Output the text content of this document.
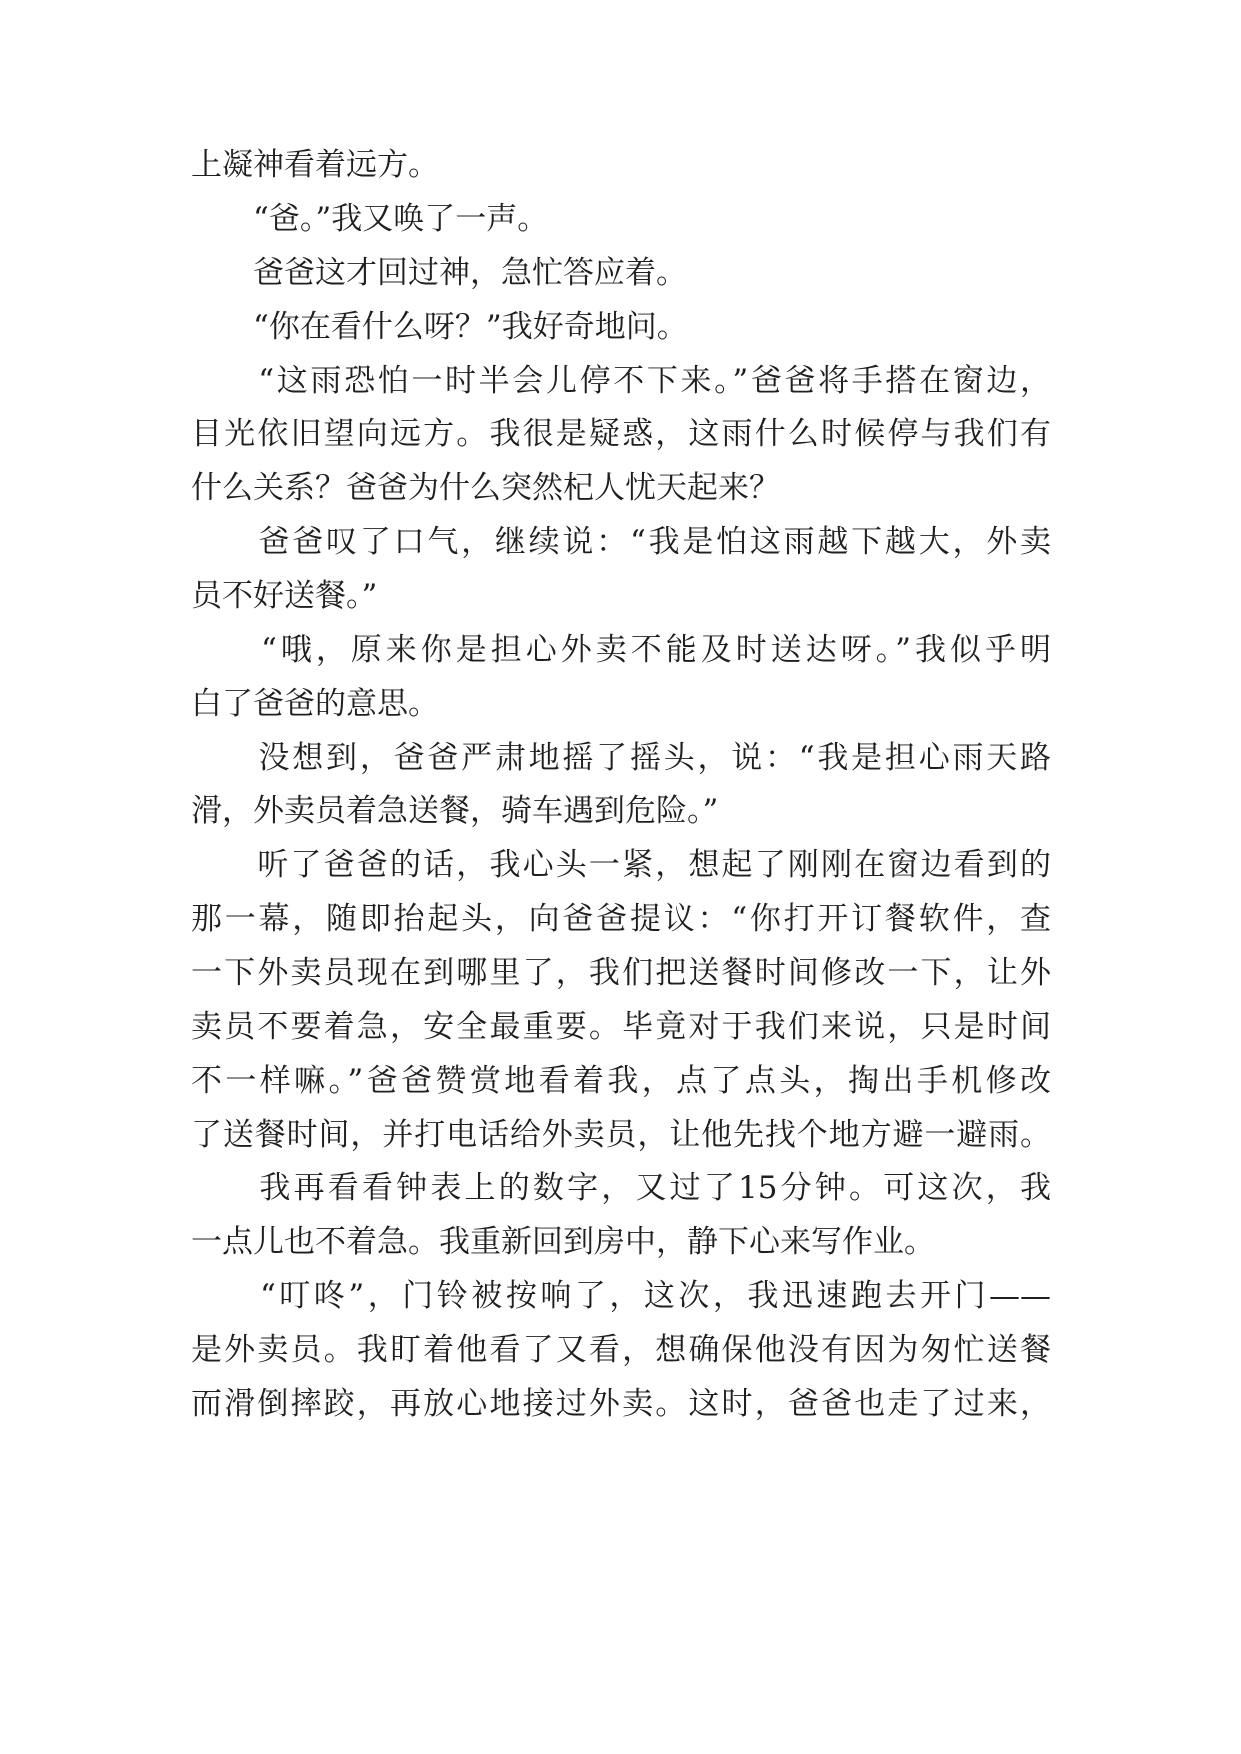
上凝神看着远方。
　　“爸。”我又唤了一声。
　　爸爸这才回过神，急忙答应着。
　　“你在看什么呀？”我好奇地问。
　　“这雨恐怕一时半会儿停不下来。”爸爸将手搭在窗边，
目光依旧望向远方。我很是疑惑，这雨什么时候停与我们有
什么关系？爸爸为什么突然杞人忧天起来？
　　爸爸叹了口气，继续说：“我是怕这雨越下越大，外卖
员不好送餐。”
　　“哦，原来你是担心外卖不能及时送达呀。”我似乎明
白了爸爸的意思。
　　没想到，爸爸严肃地摇了摇头，说：“我是担心雨天路
滑，外卖员着急送餐，骑车遇到危险。”
　　听了爸爸的话，我心头一紧，想起了刚刚在窗边看到的
那一幕，随即抬起头，向爸爸提议：“你打开订餐软件，查
一下外卖员现在到哪里了，我们把送餐时间修改一下，让外
卖员不要着急，安全最重要。毕竟对于我们来说，只是时间
不一样嘛。”爸爸赞赏地看着我，点了点头，掏出手机修改
了送餐时间，并打电话给外卖员，让他先找个地方避一避雨。
　　我再看看钟表上的数字，又过了15分钟。可这次，我
一点儿也不着急。我重新回到房中，静下心来写作业。
　　“叮咚”，门铃被按响了，这次，我迅速跑去开门——
是外卖员。我盯着他看了又看，想确保他没有因为匆忙送餐
而滑倒摔跤，再放心地接过外卖。这时，爸爸也走了过来，
